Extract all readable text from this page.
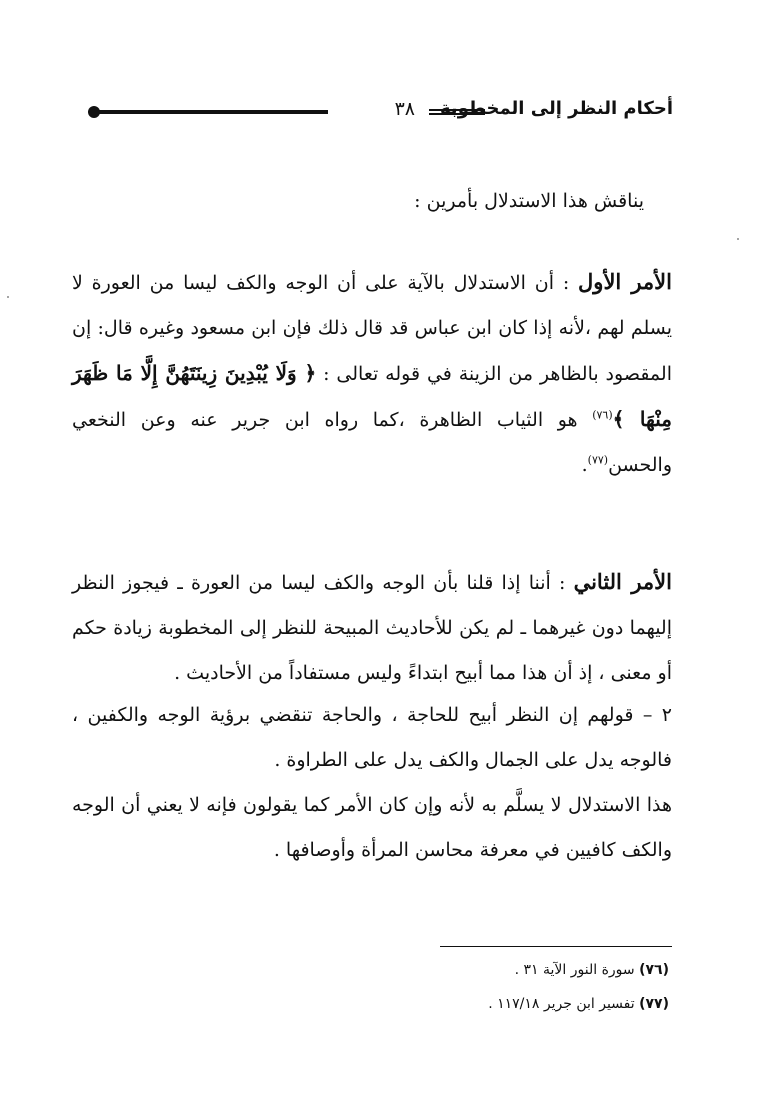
أحكام النظر إلى المخطوبة
٣٨

يناقش هذا الاستدلال بأمرين :

الأمر الأول : أن الاستدلال بالآية على أن الوجه والكف ليسا من العورة لا يسلم لهم ،لأنه إذا كان ابن عباس قد قال ذلك فإن ابن مسعود وغيره قال: إن المقصود بالظاهر من الزينة في قوله تعالى : ﴿ وَلَا يُبْدِينَ زِينَتَهُنَّ إِلَّا مَا ظَهَرَ مِنْهَا ﴾$^{(٧٦)}$ هو الثياب الظاهرة ،كما رواه ابن جرير عنه وعن النخعي والحسن$^{(٧٧)}$.

الأمر الثاني : أننا إذا قلنا بأن الوجه والكف ليسا من العورة ـ فيجوز النظر إليهما دون غيرهما ـ لم يكن للأحاديث المبيحة للنظر إلى المخطوبة زيادة حكم أو معنى ، إذ أن هذا مما أبيح ابتداءً وليس مستفاداً من الأحاديث .

٢ – قولهم إن النظر أبيح للحاجة ، والحاجة تنقضي برؤية الوجه والكفين ، فالوجه يدل على الجمال والكف يدل على الطراوة .

هذا الاستدلال لا يسلَّم به لأنه وإن كان الأمر كما يقولون فإنه لا يعني أن الوجه والكف كافيين في معرفة محاسن المرأة وأوصافها .

(٧٦) سورة النور الآية ٣١ .
(٧٧) تفسير ابن جرير ١١٧/١٨ .
